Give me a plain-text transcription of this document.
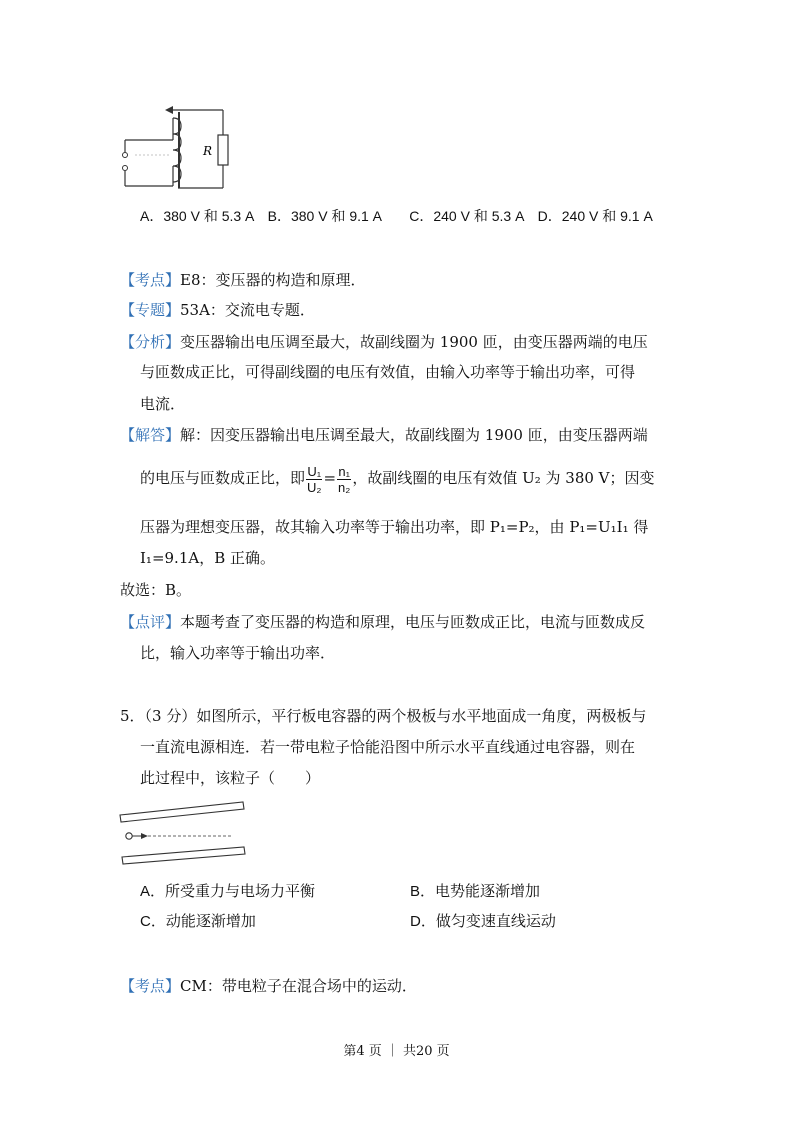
R
A．380 V 和 5.3 A　B．380 V 和 9.1 A　　C．240 V 和 5.3 A　D．240 V 和 9.1 A
【考点】E8：变压器的构造和原理．
【专题】53A：交流电专题．
【分析】变压器输出电压调至最大，故副线圈为 1900 匝，由变压器两端的电压
与匝数成正比，可得副线圈的电压有效值，由输入功率等于输出功率，可得
电流．
【解答】解：因变压器输出电压调至最大，故副线圈为 1900 匝，由变压器两端
的电压与匝数成正比，即 $\frac{\text{U₁}}{\text{U₂}} = \frac{\text{n₁}}{\text{n₂}}$ ，故副线圈的电压有效值 U₂ 为 380 V；因变
压器为理想变压器，故其输入功率等于输出功率，即 P₁=P₂，由 P₁=U₁I₁ 得
I₁=9.1A，B 正确。
故选：B。
【点评】本题考查了变压器的构造和原理，电压与匝数成正比，电流与匝数成反
比，输入功率等于输出功率．
5．（3 分）如图所示，平行板电容器的两个极板与水平地面成一角度，两极板与
一直流电源相连．若一带电粒子恰能沿图中所示水平直线通过电容器，则在
此过程中，该粒子（　　）
A．所受重力与电场力平衡	B．电势能逐渐增加
C．动能逐渐增加	D．做匀变速直线运动
【考点】CM：带电粒子在混合场中的运动．
第4 页 ｜ 共20 页
